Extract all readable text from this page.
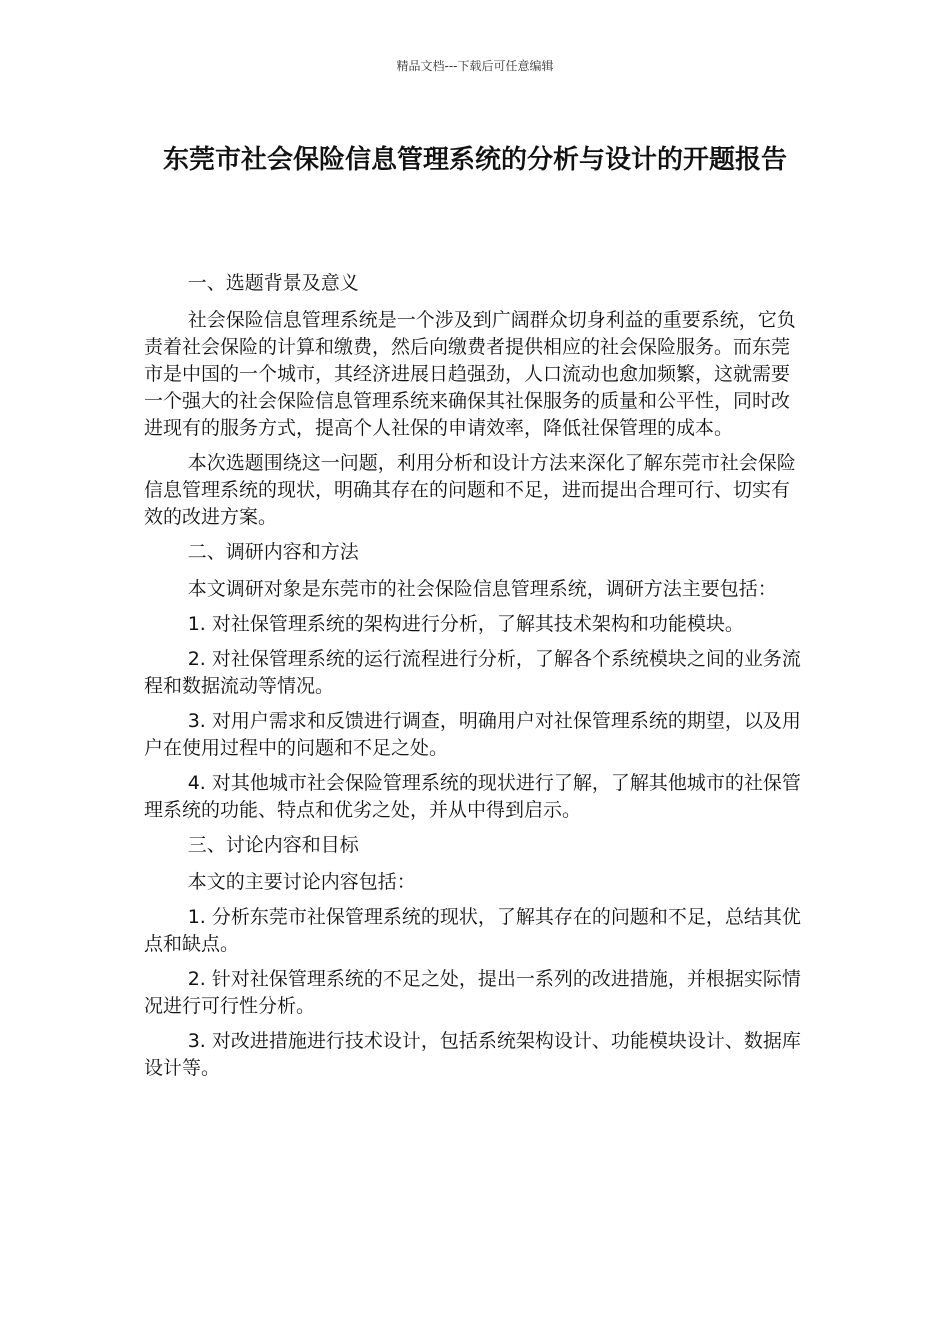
精品文档---下载后可任意编辑
东莞市社会保险信息管理系统的分析与设计的开题报告

一、选题背景及意义

社会保险信息管理系统是一个涉及到广阔群众切身利益的重要系统，它负责着社会保险的计算和缴费，然后向缴费者提供相应的社会保险服务。而东莞市是中国的一个城市，其经济进展日趋强劲，人口流动也愈加频繁，这就需要一个强大的社会保险信息管理系统来确保其社保服务的质量和公平性，同时改进现有的服务方式，提高个人社保的申请效率，降低社保管理的成本。

本次选题围绕这一问题，利用分析和设计方法来深化了解东莞市社会保险信息管理系统的现状，明确其存在的问题和不足，进而提出合理可行、切实有效的改进方案。

二、调研内容和方法

本文调研对象是东莞市的社会保险信息管理系统，调研方法主要包括：

1. 对社保管理系统的架构进行分析，了解其技术架构和功能模块。

2. 对社保管理系统的运行流程进行分析，了解各个系统模块之间的业务流程和数据流动等情况。

3. 对用户需求和反馈进行调查，明确用户对社保管理系统的期望，以及用户在使用过程中的问题和不足之处。

4. 对其他城市社会保险管理系统的现状进行了解，了解其他城市的社保管理系统的功能、特点和优劣之处，并从中得到启示。

三、讨论内容和目标

本文的主要讨论内容包括：

1. 分析东莞市社保管理系统的现状，了解其存在的问题和不足，总结其优点和缺点。

2. 针对社保管理系统的不足之处，提出一系列的改进措施，并根据实际情况进行可行性分析。

3. 对改进措施进行技术设计，包括系统架构设计、功能模块设计、数据库设计等。
